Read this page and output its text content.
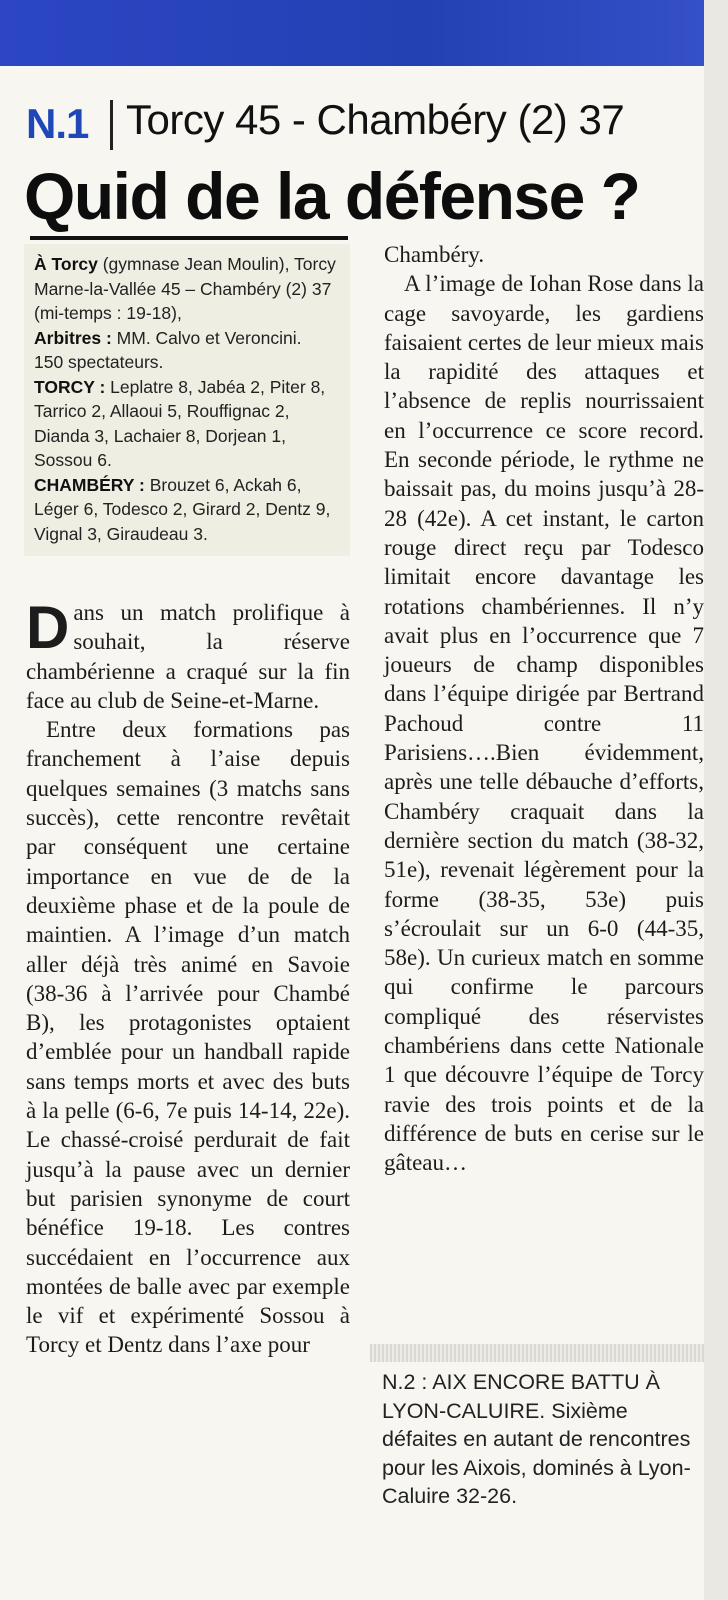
N.1 Torcy 45 - Chambéry (2) 37
Quid de la défense ?

À Torcy (gymnase Jean Moulin), Torcy Marne-la-Vallée 45 – Chambéry (2) 37 (mi-temps : 19-18),

Arbitres : MM. Calvo et Veroncini.

150 spectateurs.

TORCY : Leplatre 8, Jabéa 2, Piter 8, Tarrico 2, Allaoui 5, Rouffignac 2, Dianda 3, Lachaier 8, Dorjean 1, Sossou 6.

CHAMBÉRY : Brouzet 6, Ackah 6, Léger 6, Todesco 2, Girard 2, Dentz 9, Vignal 3, Giraudeau 3.

Dans un match prolifique à souhait, la réserve chambérienne a craqué sur la fin face au club de Seine-et-Marne.

Entre deux formations pas franchement à l’aise depuis quelques semaines (3 matchs sans succès), cette rencontre revêtait par conséquent une certaine importance en vue de de la deuxième phase et de la poule de maintien. A l’image d’un match aller déjà très animé en Savoie (38-36 à l’arrivée pour Chambé B), les protagonistes optaient d’emblée pour un handball rapide sans temps morts et avec des buts à la pelle (6-6, 7e puis 14-14, 22e). Le chassé-croisé perdurait de fait jusqu’à la pause avec un dernier but parisien synonyme de court bénéfice 19-18. Les contres succédaient en l’occurrence aux montées de balle avec par exemple le vif et expérimenté Sossou à Torcy et Dentz dans l’axe pour

Chambéry.

A l’image de Iohan Rose dans la cage savoyarde, les gardiens faisaient certes de leur mieux mais la rapidité des attaques et l’absence de replis nourrissaient en l’occurrence ce score record. En seconde période, le rythme ne baissait pas, du moins jusqu’à 28-28 (42e). A cet instant, le carton rouge direct reçu par Todesco limitait encore davantage les rotations chambériennes. Il n’y avait plus en l’occurrence que 7 joueurs de champ disponibles dans l’équipe dirigée par Bertrand Pachoud contre 11 Parisiens….Bien évidemment, après une telle débauche d’efforts, Chambéry craquait dans la dernière section du match (38-32, 51e), revenait légèrement pour la forme (38-35, 53e) puis s’écroulait sur un 6-0 (44-35, 58e). Un curieux match en somme qui confirme le parcours compliqué des réservistes chambériens dans cette Nationale 1 que découvre l’équipe de Torcy ravie des trois points et de la différence de buts en cerise sur le gâteau…

N.2 : AIX ENCORE BATTU À LYON-CALUIRE. Sixième défaites en autant de rencontres pour les Aixois, dominés à Lyon-Caluire 32-26.
